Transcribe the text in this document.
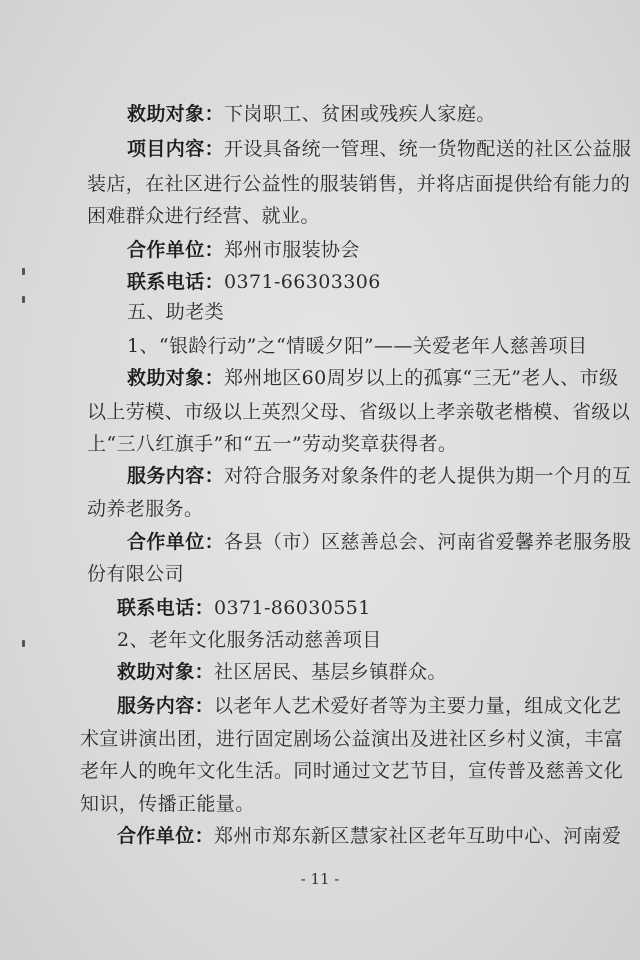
救助对象：下岗职工、贫困或残疾人家庭。
项目内容：开设具备统一管理、统一货物配送的社区公益服
装店，在社区进行公益性的服装销售，并将店面提供给有能力的
困难群众进行经营、就业。
合作单位：郑州市服装协会
联系电话：0371-66303306
五、助老类
1、“银龄行动”之“情暖夕阳”——关爱老年人慈善项目
救助对象：郑州地区60周岁以上的孤寡“三无”老人、市级
以上劳模、市级以上英烈父母、省级以上孝亲敬老楷模、省级以
上“三八红旗手”和“五一”劳动奖章获得者。
服务内容：对符合服务对象条件的老人提供为期一个月的互
动养老服务。
合作单位：各县（市）区慈善总会、河南省爱馨养老服务股
份有限公司
联系电话：0371-86030551
2、老年文化服务活动慈善项目
救助对象：社区居民、基层乡镇群众。
服务内容：以老年人艺术爱好者等为主要力量，组成文化艺
术宣讲演出团，进行固定剧场公益演出及进社区乡村义演，丰富
老年人的晚年文化生活。同时通过文艺节目，宣传普及慈善文化
知识，传播正能量。
合作单位：郑州市郑东新区慧家社区老年互助中心、河南爱
- 11 -
